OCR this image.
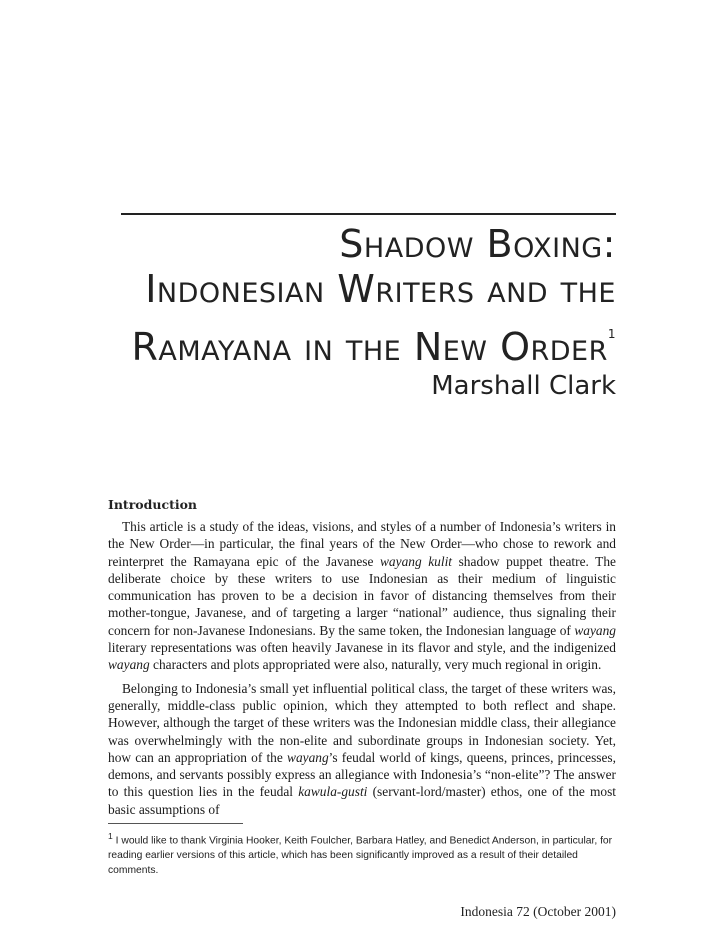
Shadow Boxing:
Indonesian Writers and the
Ramayana in the New Order$^1$
Marshall Clark
Introduction

This article is a study of the ideas, visions, and styles of a number of Indonesia’s writers in the New Order—in particular, the final years of the New Order—who chose to rework and reinterpret the Ramayana epic of the Javanese wayang kulit shadow puppet theatre. The deliberate choice by these writers to use Indonesian as their medium of linguistic communication has proven to be a decision in favor of distancing themselves from their mother-tongue, Javanese, and of targeting a larger “national” audience, thus signaling their concern for non-Javanese Indonesians. By the same token, the Indonesian language of wayang literary representations was often heavily Javanese in its flavor and style, and the indigenized wayang characters and plots appropriated were also, naturally, very much regional in origin.

Belonging to Indonesia’s small yet influential political class, the target of these writers was, generally, middle-class public opinion, which they attempted to both reflect and shape. However, although the target of these writers was the Indonesian middle class, their allegiance was overwhelmingly with the non-elite and subordinate groups in Indonesian society. Yet, how can an appropriation of the wayang’s feudal world of kings, queens, princes, princesses, demons, and servants possibly express an allegiance with Indonesia’s “non-elite”? The answer to this question lies in the feudal kawula-gusti (servant-lord/master) ethos, one of the most basic assumptions of

$^1$ I would like to thank Virginia Hooker, Keith Foulcher, Barbara Hatley, and Benedict Anderson, in particular, for reading earlier versions of this article, which has been significantly improved as a result of their detailed comments.
Indonesia 72 (October 2001)
